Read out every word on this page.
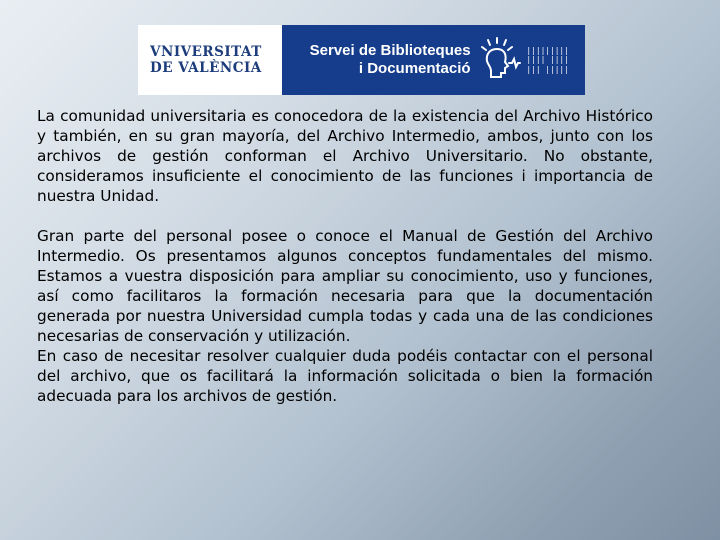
VNIVERSITAT
DE VALÈNCIA
Servei de Biblioteques
i Documentació
|||||||||
|||| ||||
||| |||||

La comunidad universitaria es conocedora de la existencia del Archivo Histórico y también, en su gran mayoría, del Archivo Intermedio, ambos, junto con los archivos de gestión conforman el Archivo Universitario. No obstante, consideramos insuficiente el conocimiento de las funciones i importancia de nuestra Unidad.

Gran parte del personal posee o conoce el Manual de Gestión del Archivo Intermedio. Os presentamos algunos conceptos fundamentales del mismo. Estamos a vuestra disposición para ampliar su conocimiento, uso y funciones, así como facilitaros la formación necesaria para que la documentación generada por nuestra Universidad cumpla todas y cada una de las condiciones necesarias de conservación y utilización.

En caso de necesitar resolver cualquier duda podéis contactar con el personal del archivo, que os facilitará la información solicitada o bien la formación adecuada para los archivos de gestión.
